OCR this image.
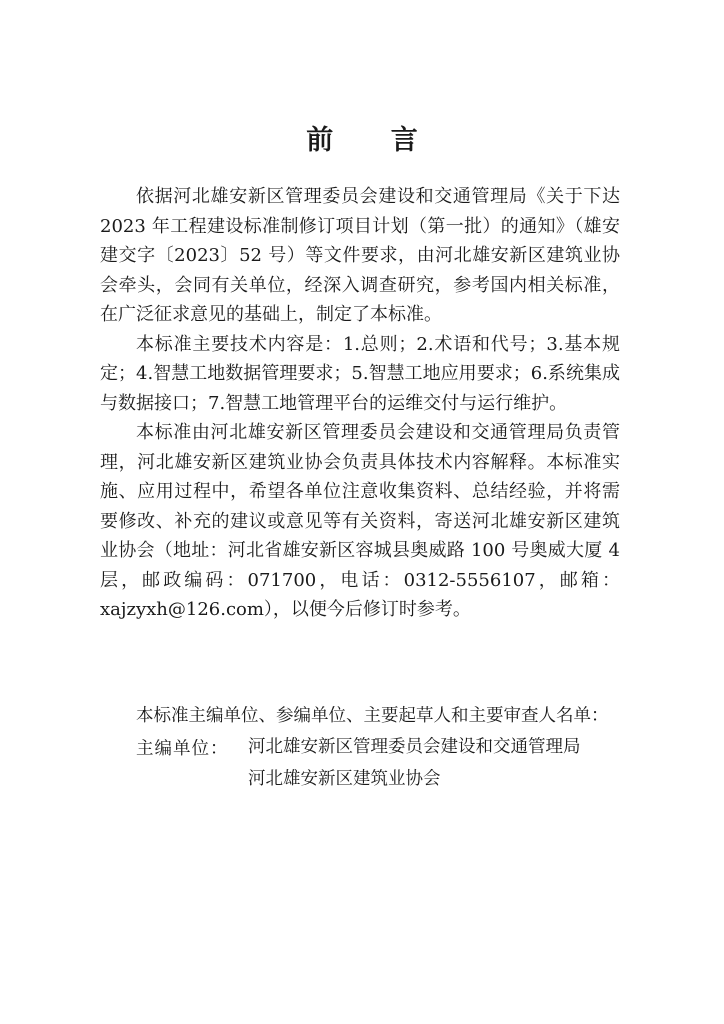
前 言

依据河北雄安新区管理委员会建设和交通管理局《关于下达2023 年工程建设标准制修订项目计划（第一批）的通知》（雄安建交字〔2023〕52 号）等文件要求，由河北雄安新区建筑业协会牵头，会同有关单位，经深入调查研究，参考国内相关标准，在广泛征求意见的基础上，制定了本标准。

本标准主要技术内容是：1.总则；2.术语和代号；3.基本规定；4.智慧工地数据管理要求；5.智慧工地应用要求；6.系统集成与数据接口；7.智慧工地管理平台的运维交付与运行维护。

本标准由河北雄安新区管理委员会建设和交通管理局负责管理，河北雄安新区建筑业协会负责具体技术内容解释。本标准实施、应用过程中，希望各单位注意收集资料、总结经验，并将需要修改、补充的建议或意见等有关资料，寄送河北雄安新区建筑业协会（地址：河北省雄安新区容城县奥威路 100 号奥威大厦 4层，邮政编码：071700，电话：0312-5556107，邮箱：xajzyxh@126.com），以便今后修订时参考。

本标准主编单位、参编单位、主要起草人和主要审查人名单：
主编单位：	河北雄安新区管理委员会建设和交通管理局
河北雄安新区建筑业协会
